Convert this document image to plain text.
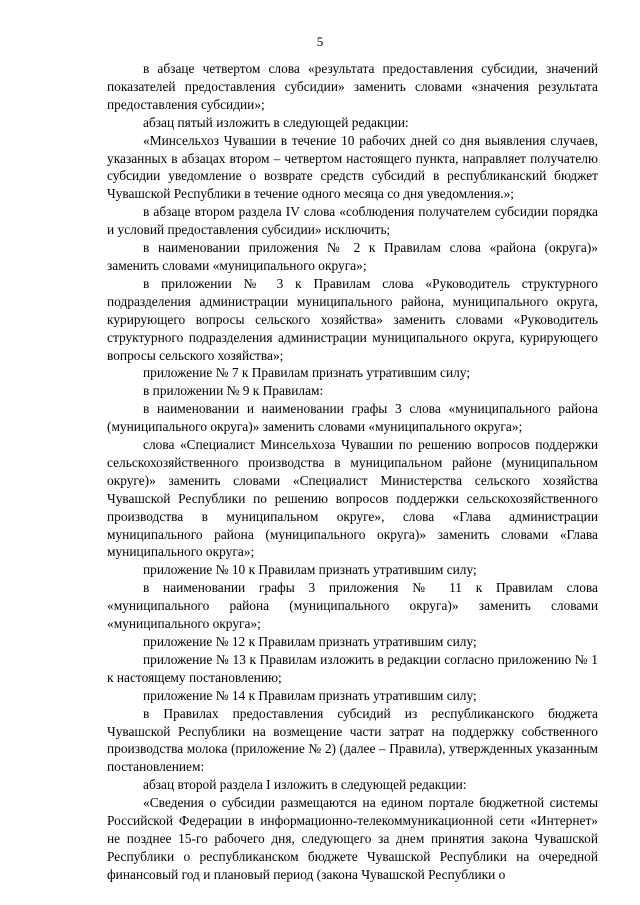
5

в абзаце четвертом слова «результата предоставления субсидии, значений показателей предоставления субсидии» заменить словами «значения результата предоставления субсидии»;

абзац пятый изложить в следующей редакции:

«Минсельхоз Чувашии в течение 10 рабочих дней со дня выявления случаев, указанных в абзацах втором – четвертом настоящего пункта, направляет получателю субсидии уведомление о возврате средств субсидий в республиканский бюджет Чувашской Республики в течение одного месяца со дня уведомления.»;

в абзаце втором раздела IV слова «соблюдения получателем субсидии порядка и условий предоставления субсидии» исключить;

в наименовании приложения № 2 к Правилам слова «района (округа)» заменить словами «муниципального округа»;

в приложении № 3 к Правилам слова «Руководитель структурного подразделения администрации муниципального района, муниципального округа, курирующего вопросы сельского хозяйства» заменить словами «Руководитель структурного подразделения администрации муниципального округа, курирующего вопросы сельского хозяйства»;

приложение № 7 к Правилам признать утратившим силу;

в приложении № 9 к Правилам:

в наименовании и наименовании графы 3 слова «муниципального района (муниципального округа)» заменить словами «муниципального округа»;

слова «Специалист Минсельхоза Чувашии по решению вопросов поддержки сельскохозяйственного производства в муниципальном районе (муниципальном округе)» заменить словами «Специалист Министерства сельского хозяйства Чувашской Республики по решению вопросов поддержки сельскохозяйственного производства в муниципальном округе», слова «Глава администрации муниципального района (муниципального округа)» заменить словами «Глава муниципального округа»;

приложение № 10 к Правилам признать утратившим силу;

в наименовании графы 3 приложения № 11 к Правилам слова «муниципального района (муниципального округа)» заменить словами «муниципального округа»;

приложение № 12 к Правилам признать утратившим силу;

приложение № 13 к Правилам изложить в редакции согласно приложению № 1 к настоящему постановлению;

приложение № 14 к Правилам признать утратившим силу;

в Правилах предоставления субсидий из республиканского бюджета Чувашской Республики на возмещение части затрат на поддержку собственного производства молока (приложение № 2) (далее – Правила), утвержденных указанным постановлением:

абзац второй раздела I изложить в следующей редакции:

«Сведения о субсидии размещаются на едином портале бюджетной системы Российской Федерации в информационно-телекоммуникационной сети «Интернет» не позднее 15-го рабочего дня, следующего за днем принятия закона Чувашской Республики о республиканском бюджете Чувашской Республики на очередной финансовый год и плановый период (закона Чувашской Республики о
